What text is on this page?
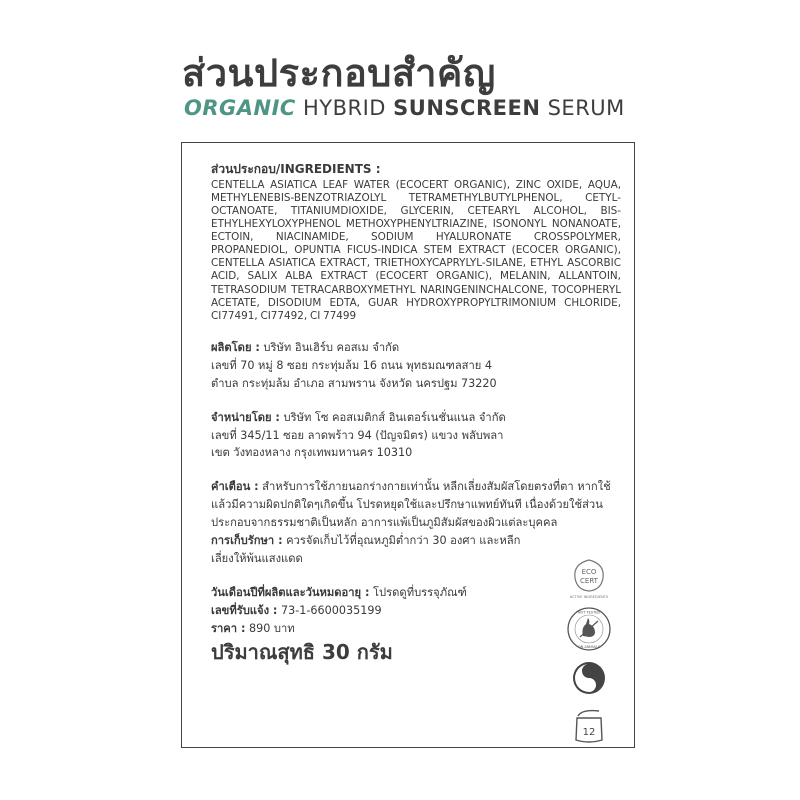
ส่วนประกอบสำคัญ
ORGANIC HYBRID SUNSCREEN SERUM
ส่วนประกอบ/INGREDIENTS :
CENTELLA ASIATICA LEAF WATER (ECOCERT ORGANIC), ZINC OXIDE, AQUA, METHYLENEBIS-BENZOTRIAZOLYL TETRAMETHYLBUTYLPHENOL, CETYL-OCTANOATE, TITANIUMDIOXIDE, GLYCERIN, CETEARYL ALCOHOL, BIS-ETHYLHEXYLOXYPHENOL METHOXYPHENYLTRIAZINE, ISONONYL NONANOATE, ECTOIN, NIACINAMIDE, SODIUM HYALURONATE CROSSPOLYMER, PROPANEDIOL, OPUNTIA FICUS-INDICA STEM EXTRACT (ECOCER ORGANIC), CENTELLA ASIATICA EXTRACT, TRIETHOXYCAPRYLYL-SILANE, ETHYL ASCORBIC ACID, SALIX ALBA EXTRACT (ECOCERT ORGANIC), MELANIN, ALLANTOIN, TETRASODIUM TETRACARBOXYMETHYL NARINGENINCHALCONE, TOCOPHERYL ACETATE, DISODIUM EDTA, GUAR HYDROXYPROPYLTRIMONIUM CHLORIDE, CI77491, CI77492, CI 77499
ผลิตโดย : บริษัท อินเฮิร์บ คอสเม จำกัด
เลขที่ 70 หมู่ 8 ซอย กระทุ่มล้ม 16 ถนน พุทธมณฑลสาย 4
ตำบล กระทุ่มล้ม อำเภอ สามพราน จังหวัด นครปฐม 73220
จำหน่ายโดย : บริษัท โซ คอสเมติกส์ อินเตอร์เนชั่นแนล จำกัด
เลขที่ 345/11 ซอย ลาดพร้าว 94 (ปัญจมิตร) แขวง พลับพลา
เขต วังทองหลาง กรุงเทพมหานคร 10310
คำเตือน : สำหรับการใช้ภายนอกร่างกายเท่านั้น หลีกเลี่ยงสัมผัสโดยตรงที่ตา หากใช้แล้วมีความผิดปกติใดๆเกิดขึ้น โปรดหยุดใช้และปรึกษาแพทย์ทันที เนื่องด้วยใช้ส่วนประกอบจากธรรมชาติเป็นหลัก อาการแพ้เป็นภูมิสัมผัสของผิวแต่ละบุคคล
การเก็บรักษา : ควรจัดเก็บไว้ที่อุณหภูมิต่ำกว่า 30 องศา และหลีกเลี่ยงให้พ้นแสงแดด
วันเดือนปีที่ผลิตและวันหมดอายุ : โปรดดูที่บรรจุภัณฑ์
เลขที่รับแจ้ง : 73-1-6600035199
ราคา : 890 บาท
ปริมาณสุทธิ 30 กรัม
ECO
CERT
ACTIVE INGREDIENTS
NOT TESTED
ON ANIMALS
12
